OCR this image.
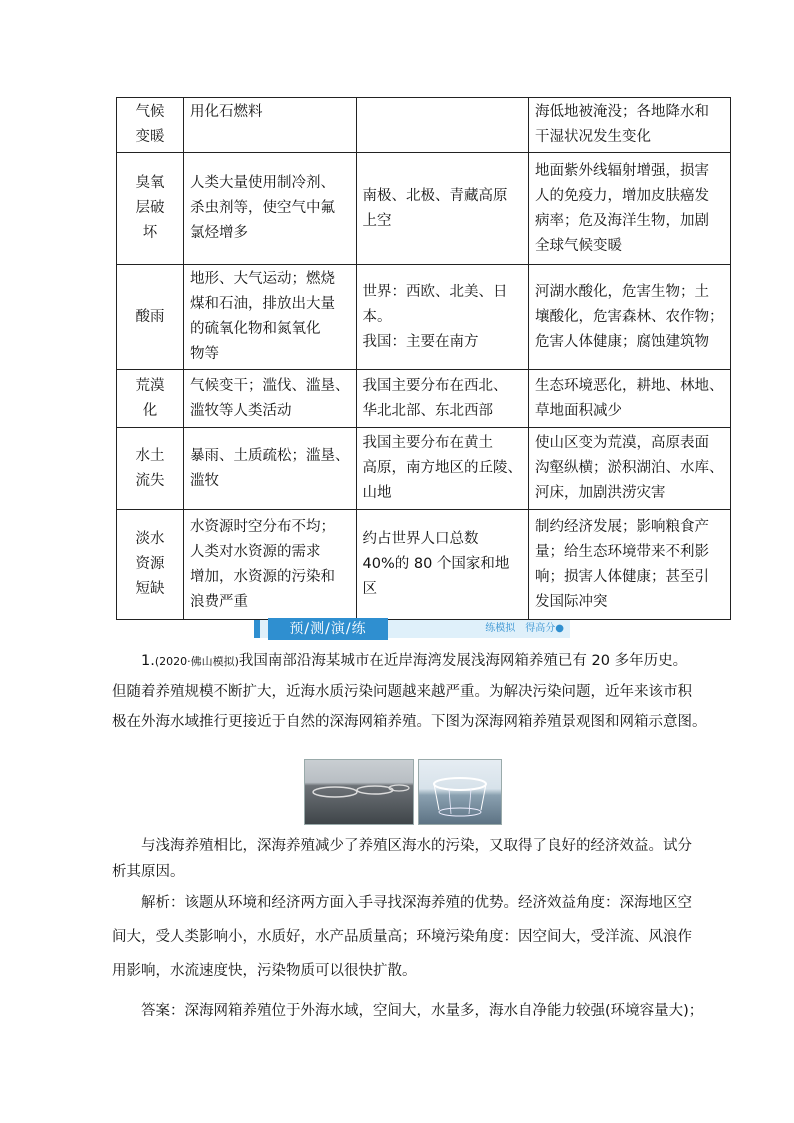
气候
变暖	用化石燃料		海低地被淹没；各地降水和
干湿状况发生变化

臭氧
层破
坏	人类大量使用制冷剂、
杀虫剂等，使空气中氟
氯烃增多	南极、北极、青藏高原
上空	地面紫外线辐射增强，损害
人的免疫力，增加皮肤癌发
病率；危及海洋生物，加剧
全球气候变暖

酸雨	地形、大气运动；燃烧
煤和石油，排放出大量
的硫氧化物和氮氧化
物等	世界：西欧、北美、日
本。
我国：主要在南方	河湖水酸化，危害生物；土
壤酸化，危害森林、农作物；
危害人体健康；腐蚀建筑物

荒漠
化	气候变干；滥伐、滥垦、
滥牧等人类活动	我国主要分布在西北、
华北北部、东北西部	生态环境恶化，耕地、林地、
草地面积减少

水土
流失	暴雨、土质疏松；滥垦、
滥牧	我国主要分布在黄土
高原，南方地区的丘陵、
山地	使山区变为荒漠，高原表面
沟壑纵横；淤积湖泊、水库、
河床，加剧洪涝灾害

淡水
资源
短缺	水资源时空分布不均；
人类对水资源的需求
增加，水资源的污染和
浪费严重	约占世界人口总数
40%的 80 个国家和地
区	制约经济发展；影响粮食产
量；给生态环境带来不利影
响；损害人体健康；甚至引
发国际冲突
预/测/演/练	练模拟　得高分●
1.(2020·佛山模拟)我国南部沿海某城市在近岸海湾发展浅海网箱养殖已有 20 多年历史。
但随着养殖规模不断扩大，近海水质污染问题越来越严重。为解决污染问题，近年来该市积
极在外海水域推行更接近于自然的深海网箱养殖。下图为深海网箱养殖景观图和网箱示意图。
与浅海养殖相比，深海养殖减少了养殖区海水的污染，又取得了良好的经济效益。试分
析其原因。
解析：该题从环境和经济两方面入手寻找深海养殖的优势。经济效益角度：深海地区空
间大，受人类影响小，水质好，水产品质量高；环境污染角度：因空间大，受洋流、风浪作
用影响，水流速度快，污染物质可以很快扩散。
答案：深海网箱养殖位于外海水域，空间大，水量多，海水自净能力较强(环境容量大)；
